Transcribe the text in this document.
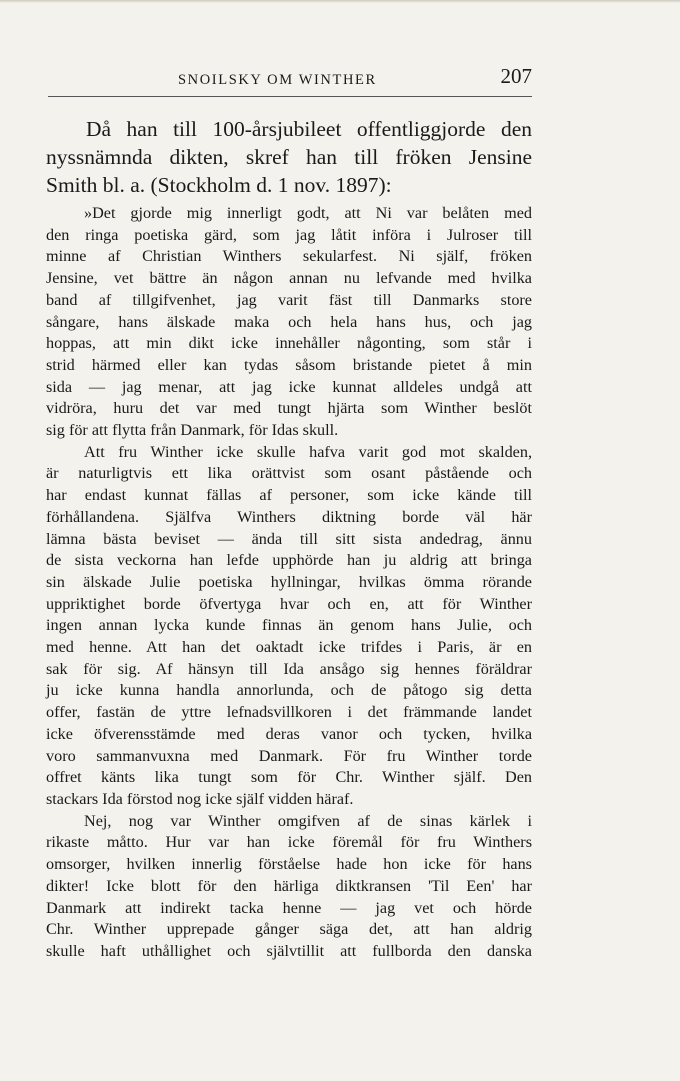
SNOILSKY OM WINTHER	207

Då han till 100-årsjubileet offentliggjorde den
nyssnämnda dikten, skref han till fröken Jensine
Smith bl. a. (Stockholm d. 1 nov. 1897):

»Det gjorde mig innerligt godt, att Ni var belåten med
den ringa poetiska gärd, som jag låtit införa i Julroser till
minne af Christian Winthers sekularfest. Ni själf, fröken
Jensine, vet bättre än någon annan nu lefvande med hvilka
band af tillgifvenhet, jag varit fäst till Danmarks store
sångare, hans älskade maka och hela hans hus, och jag
hoppas, att min dikt icke innehåller någonting, som står i
strid härmed eller kan tydas såsom bristande pietet å min
sida — jag menar, att jag icke kunnat alldeles undgå att
vidröra, huru det var med tungt hjärta som Winther beslöt
sig för att flytta från Danmark, för Idas skull.
Att fru Winther icke skulle hafva varit god mot skalden,
är naturligtvis ett lika orättvist som osant påstående och
har endast kunnat fällas af personer, som icke kände till
förhållandena. Själfva Winthers diktning borde väl här
lämna bästa beviset — ända till sitt sista andedrag, ännu
de sista veckorna han lefde upphörde han ju aldrig att bringa
sin älskade Julie poetiska hyllningar, hvilkas ömma rörande
uppriktighet borde öfvertyga hvar och en, att för Winther
ingen annan lycka kunde finnas än genom hans Julie, och
med henne. Att han det oaktadt icke trifdes i Paris, är en
sak för sig. Af hänsyn till Ida ansågo sig hennes föräldrar
ju icke kunna handla annorlunda, och de påtogo sig detta
offer, fastän de yttre lefnadsvillkoren i det främmande landet
icke öfverensstämde med deras vanor och tycken, hvilka
voro sammanvuxna med Danmark. För fru Winther torde
offret känts lika tungt som för Chr. Winther själf. Den
stackars Ida förstod nog icke själf vidden häraf.
Nej, nog var Winther omgifven af de sinas kärlek i
rikaste måtto. Hur var han icke föremål för fru Winthers
omsorger, hvilken innerlig förståelse hade hon icke för hans
dikter! Icke blott för den härliga diktkransen 'Til Een' har
Danmark att indirekt tacka henne — jag vet och hörde
Chr. Winther upprepade gånger säga det, att han aldrig
skulle haft uthållighet och självtillit att fullborda den danska
